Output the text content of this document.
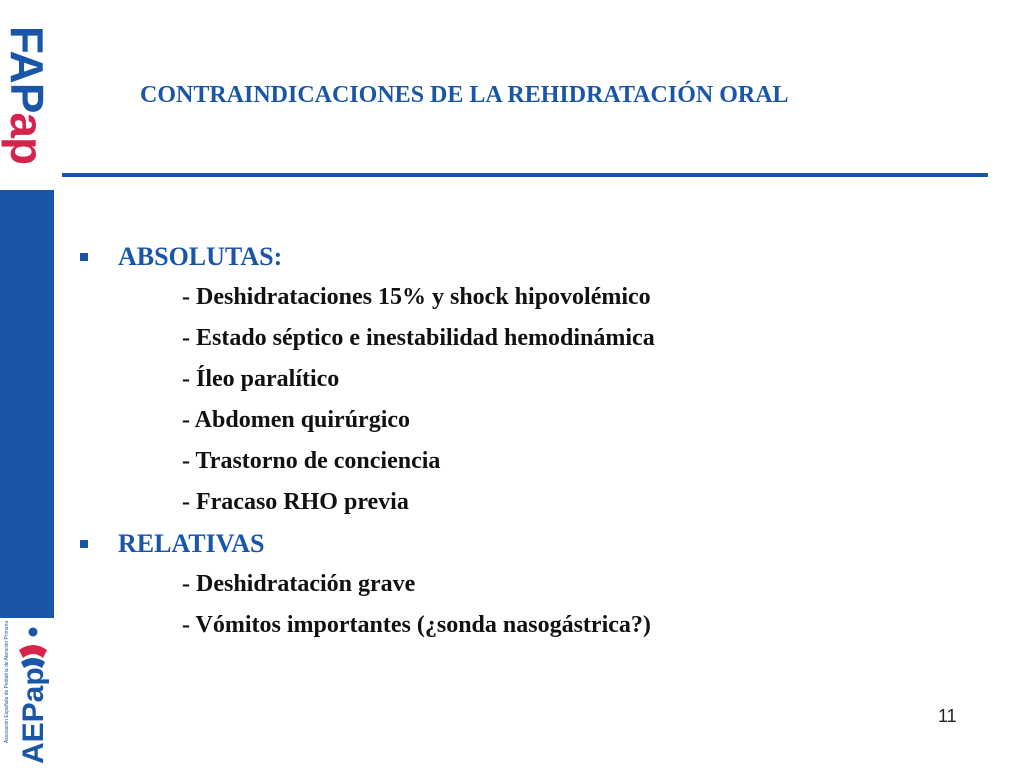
FAPap
Asociación Española de Pediatría de Atención Primaria AEPap
CONTRAINDICACIONES DE LA REHIDRATACIÓN ORAL
ABSOLUTAS:
- Deshidrataciones 15% y shock hipovolémico
- Estado séptico e inestabilidad hemodinámica
- Íleo paralítico
- Abdomen quirúrgico
- Trastorno de conciencia
- Fracaso RHO previa
RELATIVAS
- Deshidratación grave
- Vómitos importantes (¿sonda nasogástrica?)
11
